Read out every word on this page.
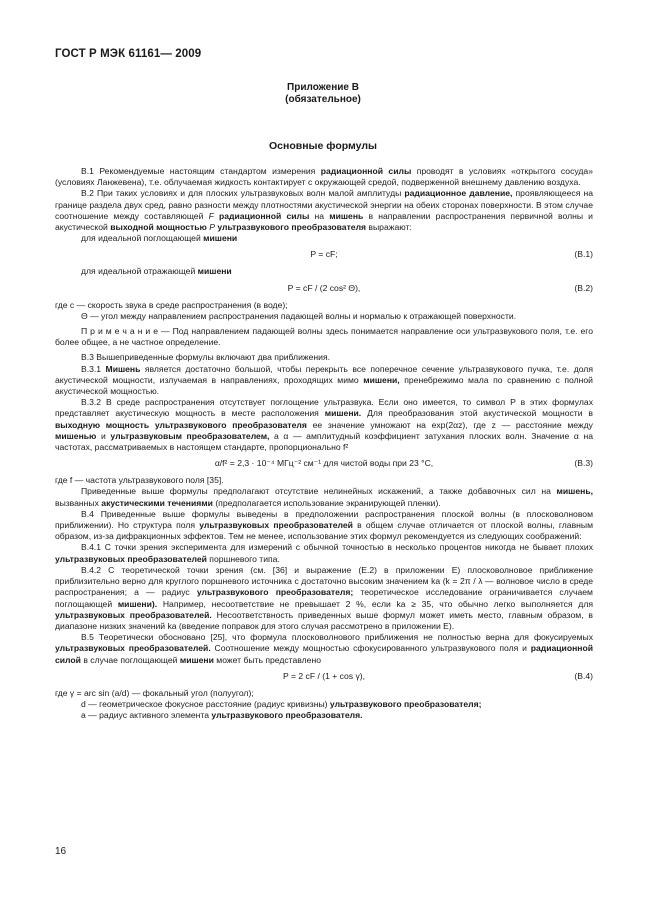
ГОСТ Р МЭК 61161— 2009
Приложение В
(обязательное)
Основные формулы

В.1 Рекомендуемые настоящим стандартом измерения радиационной силы проводят в условиях «открытого сосуда» (условиях Ланжевена), т.е. облучаемая жидкость контактирует с окружающей средой, подверженной внешнему давлению воздуха.

В.2 При таких условиях и для плоских ультразвуковых волн малой амплитуды радиационное давление, проявляющееся на границе раздела двух сред, равно разности между плотностями акустической энергии на обеих сторонах поверхности. В этом случае соотношение между составляющей F радиационной силы на мишень в направлении распространения первичной волны и акустической выходной мощностью P ультразвукового преобразователя выражают:

для идеальной поглощающей мишени

P = cF;	(В.1)

для идеальной отражающей мишени

P = cF / (2 cos² Θ),	(В.2)

где c — скорость звука в среде распространения (в воде);

Θ — угол между направлением распространения падающей волны и нормалью к отражающей поверхности.

П р и м е ч а н и е — Под направлением падающей волны здесь понимается направление оси ультразвукового поля, т.е. его более общее, а не частное определение.

В.3 Вышеприведенные формулы включают два приближения.

В.3.1 Мишень является достаточно большой, чтобы перекрыть все поперечное сечение ультразвукового пучка, т.е. доля акустической мощности, излучаемая в направлениях, проходящих мимо мишени, пренебрежимо мала по сравнению с полной акустической мощностью.

В.3.2 В среде распространения отсутствует поглощение ультразвука. Если оно имеется, то символ P в этих формулах представляет акустическую мощность в месте расположения мишени. Для преобразования этой акустической мощности в выходную мощность ультразвукового преобразователя ее значение умножают на exp(2αz), где z — расстояние между мишенью и ультразвуковым преобразователем, а α — амплитудный коэффициент затухания плоских волн. Значение α на частотах, рассматриваемых в настоящем стандарте, пропорционально f²

α/f² = 2,3 · 10⁻⁴ МГц⁻² см⁻¹ для чистой воды при 23 °С,	(В.3)

где f — частота ультразвукового поля [35].

Приведенные выше формулы предполагают отсутствие нелинейных искажений, а также добавочных сил на мишень, вызванных акустическими течениями (предполагается использование экранирующей пленки).

В.4 Приведенные выше формулы выведены в предположении распространения плоской волны (в плосковолновом приближении). Но структура поля ультразвуковых преобразователей в общем случае отличается от плоской волны, главным образом, из-за дифракционных эффектов. Тем не менее, использование этих формул рекомендуется из следующих соображений:

В.4.1 С точки зрения эксперимента для измерений с обычной точностью в несколько процентов никогда не бывает плохих ультразвуковых преобразователей поршневого типа.

В.4.2 С теоретической точки зрения (см. [36] и выражение (Е.2) в приложении Е) плосковолновое приближение приблизительно верно для круглого поршневого источника с достаточно высоким значением ka (k = 2π / λ — волновое число в среде распространения; a — радиус ультразвукового преобразователя; теоретическое исследование ограничивается случаем поглощающей мишени). Например, несоответствие не превышает 2 %, если ka ≥ 35, что обычно легко выполняется для ультразвуковых преобразователей. Несоответствность приведенных выше формул может иметь место, главным образом, в диапазоне низких значений ka (введение поправок для этого случая рассмотрено в приложении Е).

В.5 Теоретически обосновано [25], что формула плосковолнового приближения не полностью верна для фокусируемых ультразвуковых преобразователей. Соотношение между мощностью сфокусированного ультразвукового поля и радиационной силой в случае поглощающей мишени может быть представлено

P = 2 cF / (1 + cos γ),	(В.4)

где γ = arc sin (a/d) — фокальный угол (полуугол);

d — геометрическое фокусное расстояние (радиус кривизны) ультразвукового преобразователя;

a — радиус активного элемента ультразвукового преобразователя.

16
